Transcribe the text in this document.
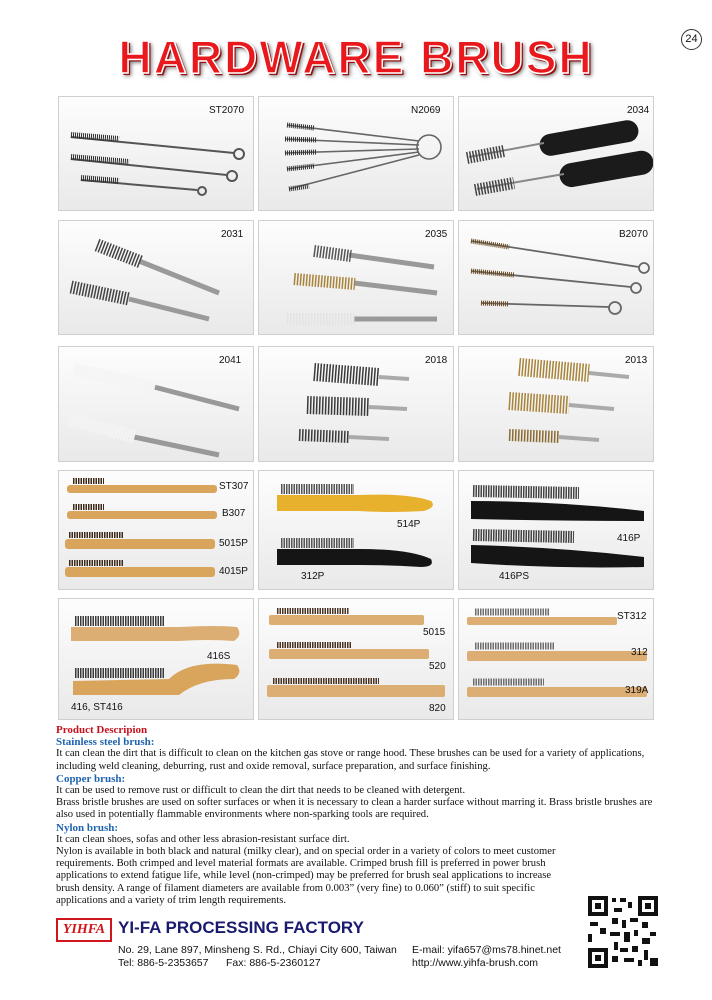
HARDWARE BRUSH	24
ST2070	N2069	2034
2031	2035	B2070
2041	2018	2013
ST307
B307
5015P
4015P
514P
312P
416P
416PS
416S
416, ST416
5015
520
820
ST312
312
319A

Product Descripion

Stainless steel brush:

It can clean the dirt that is difficult to clean on the kitchen gas stove or range hood. These brushes can be used for a variety of applications, including weld cleaning, deburring, rust and oxide removal, surface preparation, and surface finishing.

Copper brush:

It can be used to remove rust or difficult to clean the dirt that needs to be cleaned with detergent.

Brass bristle brushes are used on softer surfaces or when it is necessary to clean a harder surface without marring it. Brass bristle brushes are also used in potentially flammable environments where non-sparking tools are required.

Nylon brush:

It can clean shoes, sofas and other less abrasion-resistant surface dirt.

Nylon is available in both black and natural (milky clear), and on special order in a variety of colors to meet customer requirements. Both crimped and level material formats are available. Crimped brush fill is preferred in power brush applications to extend fatigue life, while level (non-crimped) may be preferred for brush seal applications to increase brush density. A range of filament diameters are available from 0.003” (very fine) to 0.060” (stiff) to suit specific applications and a variety of trim length requirements.

YIHFA YI-FA PROCESSING FACTORY
No. 29, Lane 897, Minsheng S. Rd., Chiayi City 600, Taiwan
Tel: 886-5-2353657 Fax: 886-5-2360127
E-mail: yifa657@ms78.hinet.net
http://www.yihfa-brush.com
